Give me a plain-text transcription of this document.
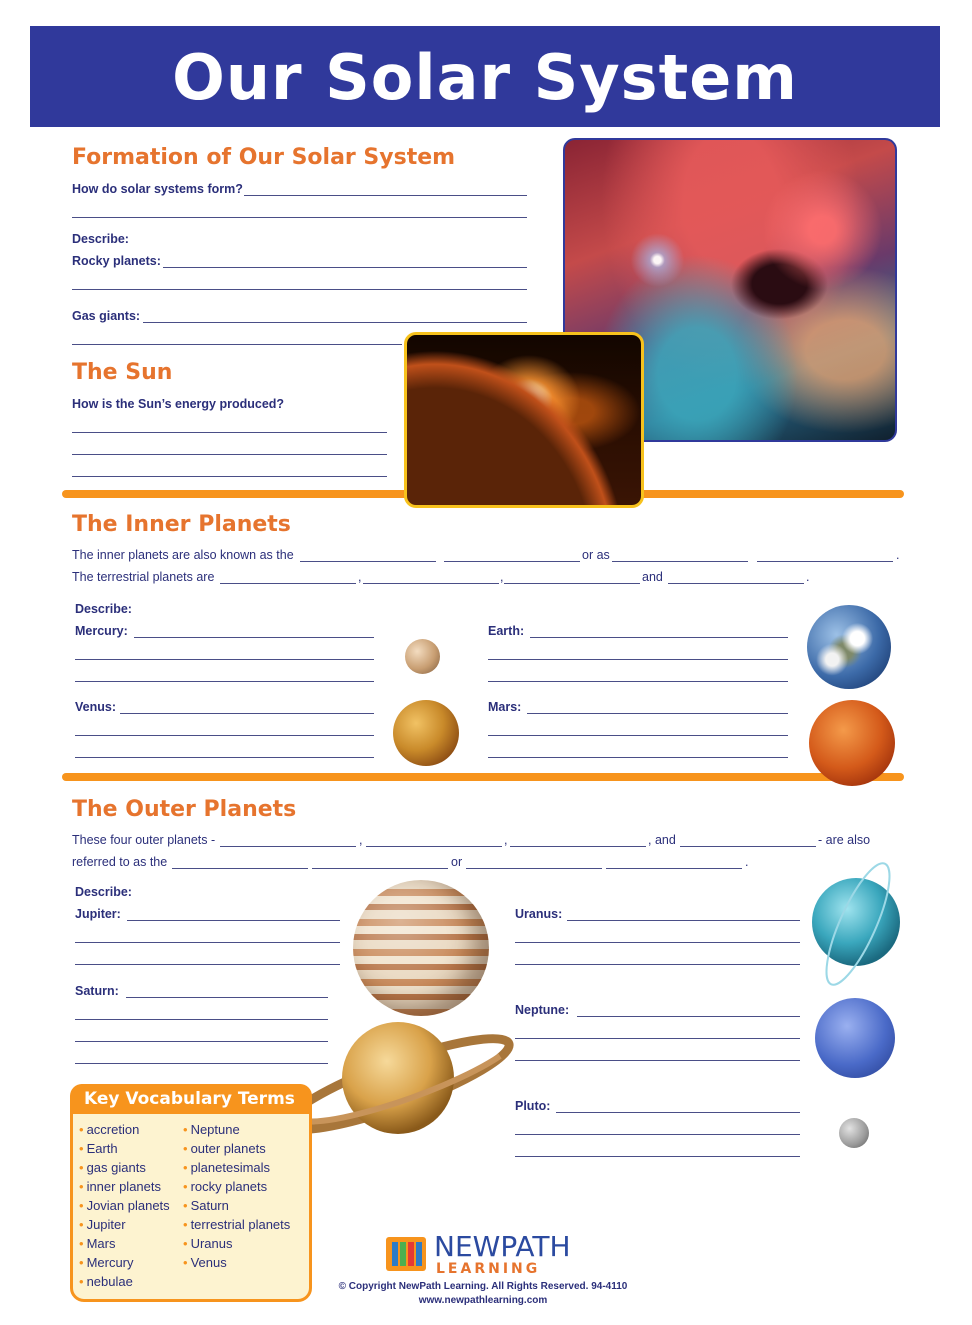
Our Solar System
Formation of Our Solar System
How do solar systems form?
Describe:
Rocky planets:
Gas giants:
The Sun
How is the Sun’s energy produced?
The Inner Planets
The inner planets are also known as the	or as	.
The terrestrial planets are	,	,	and	.
Describe:
Mercury:
Venus:
Earth:
Mars:
The Outer Planets
These four outer planets -	,	,	, and	- are also
referred to as the	or	.
Describe:
Jupiter:
Saturn:
Uranus:
Neptune:
Pluto:
Key Vocabulary Terms
• accretion
• Earth
• gas giants
• inner planets
• Jovian planets
• Jupiter
• Mars
• Mercury
• nebulae
• Neptune
• outer planets
• planetesimals
• rocky planets
• Saturn
• terrestrial planets
• Uranus
• Venus	NEWPATH
LEARNING
© Copyright NewPath Learning. All Rights Reserved. 94-4110
www.newpathlearning.com
